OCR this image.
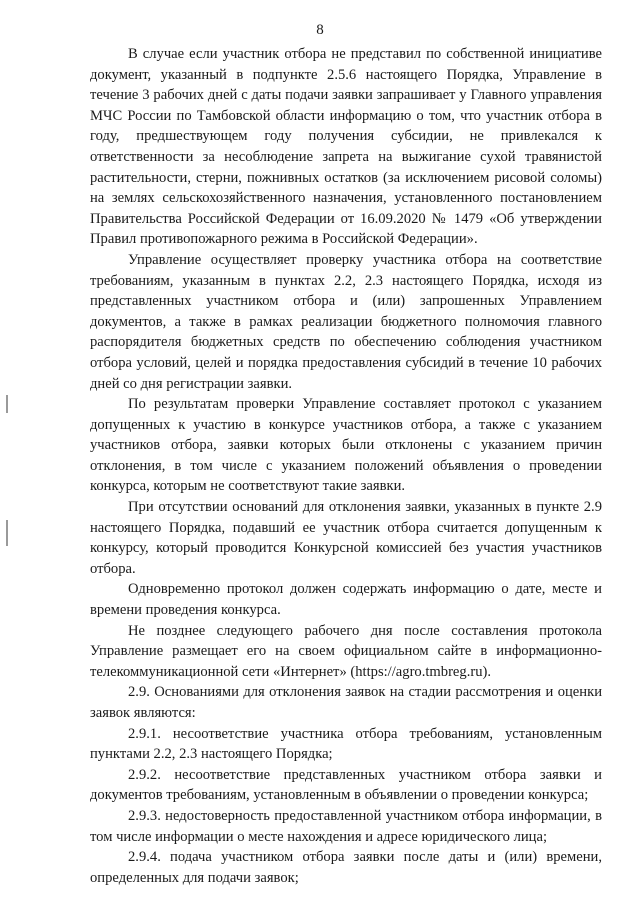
8

В случае если участник отбора не представил по собственной инициативе документ, указанный в подпункте 2.5.6 настоящего Порядка, Управление в течение 3 рабочих дней с даты подачи заявки запрашивает у Главного управления МЧС России по Тамбовской области информацию о том, что участник отбора в году, предшествующем году получения субсидии, не привлекался к ответственности за несоблюдение запрета на выжигание сухой травянистой растительности, стерни, пожнивных остатков (за исключением рисовой соломы) на землях сельскохозяйственного назначения, установленного постановлением Правительства Российской Федерации от 16.09.2020 № 1479 «Об утверждении Правил противопожарного режима в Российской Федерации».

Управление осуществляет проверку участника отбора на соответствие требованиям, указанным в пунктах 2.2, 2.3 настоящего Порядка, исходя из представленных участником отбора и (или) запрошенных Управлением документов, а также в рамках реализации бюджетного полномочия главного распорядителя бюджетных средств по обеспечению соблюдения участником отбора условий, целей и порядка предоставления субсидий в течение 10 рабочих дней со дня регистрации заявки.

По результатам проверки Управление составляет протокол с указанием допущенных к участию в конкурсе участников отбора, а также с указанием участников отбора, заявки которых были отклонены с указанием причин отклонения, в том числе с указанием положений объявления о проведении конкурса, которым не соответствуют такие заявки.

При отсутствии оснований для отклонения заявки, указанных в пункте 2.9 настоящего Порядка, подавший ее участник отбора считается допущенным к конкурсу, который проводится Конкурсной комиссией без участия участников отбора.

Одновременно протокол должен содержать информацию о дате, месте и времени проведения конкурса.

Не позднее следующего рабочего дня после составления протокола Управление размещает его на своем официальном сайте в информационно-телекоммуникационной сети «Интернет» (https://agro.tmbreg.ru).

2.9. Основаниями для отклонения заявок на стадии рассмотрения и оценки заявок являются:

2.9.1. несоответствие участника отбора требованиям, установленным пунктами 2.2, 2.3 настоящего Порядка;

2.9.2. несоответствие представленных участником отбора заявки и документов требованиям, установленным в объявлении о проведении конкурса;

2.9.3. недостоверность предоставленной участником отбора информации, в том числе информации о месте нахождения и адресе юридического лица;

2.9.4. подача участником отбора заявки после даты и (или) времени, определенных для подачи заявок;
